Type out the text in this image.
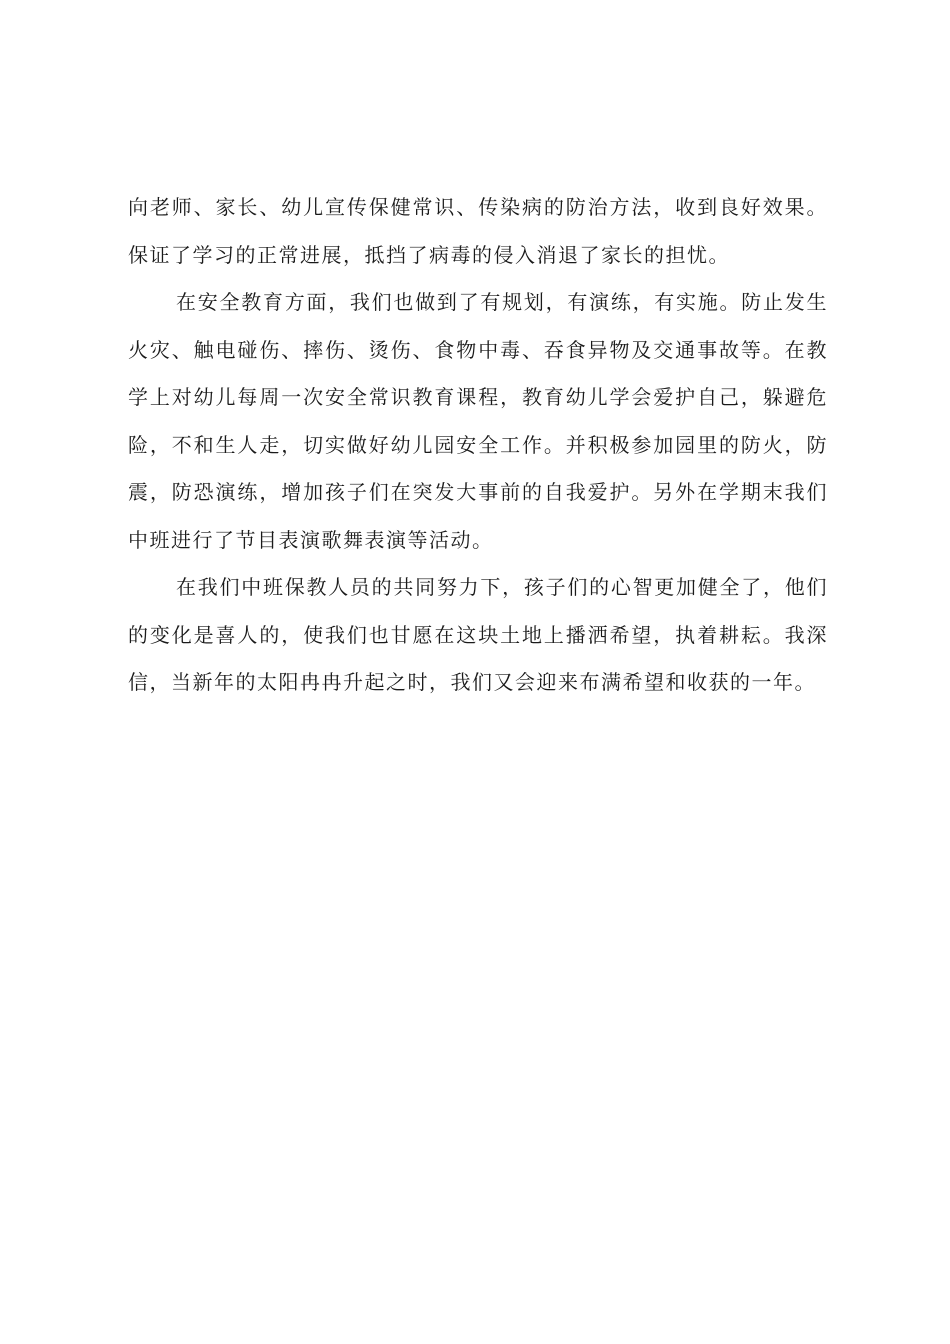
向老师、家长、幼儿宣传保健常识、传染病的防治方法，收到良好效果。 保证了学习的正常进展，抵挡了病毒的侵入消退了家长的担忧。

在安全教育方面，我们也做到了有规划，有演练，有实施。防止发生火灾、触电碰伤、摔伤、烫伤、食物中毒、吞食异物及交通事故等。在教学上对幼儿每周一次安全常识教育课程，教育幼儿学会爱护自己，躲避危险，不和生人走，切实做好幼儿园安全工作。并积极参加园里的防火，防震，防恐演练，增加孩子们在突发大事前的自我爱护。另外在学期末我们中班进行了节目表演歌舞表演等活动。

在我们中班保教人员的共同努力下，孩子们的心智更加健全了，他们的变化是喜人的，使我们也甘愿在这块土地上播洒希望，执着耕耘。我深信，当新年的太阳冉冉升起之时，我们又会迎来布满希望和收获的一年。
